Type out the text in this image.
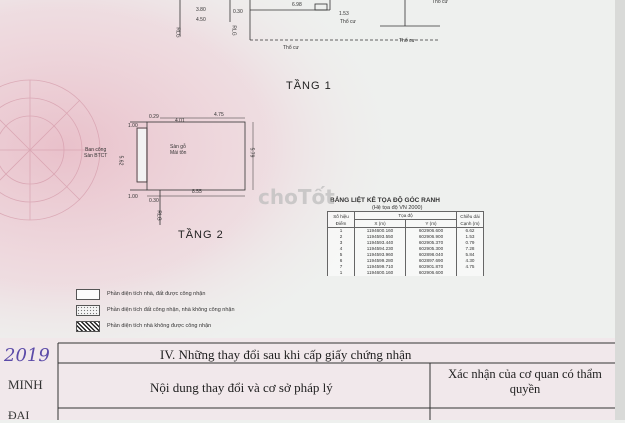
3.80
4.50
0.30
6.98
1.53
RLG	RLG
Thổ cư
Thổ cư
Thổ cư
Thổ cư
TẦNG 1
1.00
0.29
4.01
4.75
5.79
5.62
1.00
0.30
8.55
RLG
Ban công
Sàn BTCT
Sàn gỗ
Mái tôn
TẦNG 2
Phần diện tích nhà, đất được công nhận
Phần diện tích đất công nhận, nhà không công nhận
Phần diện tích nhà không được công nhận
BẢNG LIỆT KÊ TỌA ĐỘ GÓC RANH
(Hệ tọa độ VN 2000)
Số hiệu Điểm	Tọa độ		Chiều dài Cạnh (m)
	X (m)	Y (m)	
1	1194600.160	602906.600	6.62
2	1194593.550	602906.900	1.53
3	1194593.440	602905.370	0.79
4	1194594.230	602905.300	7.28
5	1194593.960	602898.040	5.84
6	1194599.280	602897.690	4.30
7	1194599.710	602901.870	4.75
1	1194600.160	602906.600	
choTốt
2019
MINH
ĐAI
IV. Những thay đổi sau khi cấp giấy chứng nhận
Nội dung thay đổi và cơ sở pháp lý
Xác nhận của cơ quan có thẩm quyền
